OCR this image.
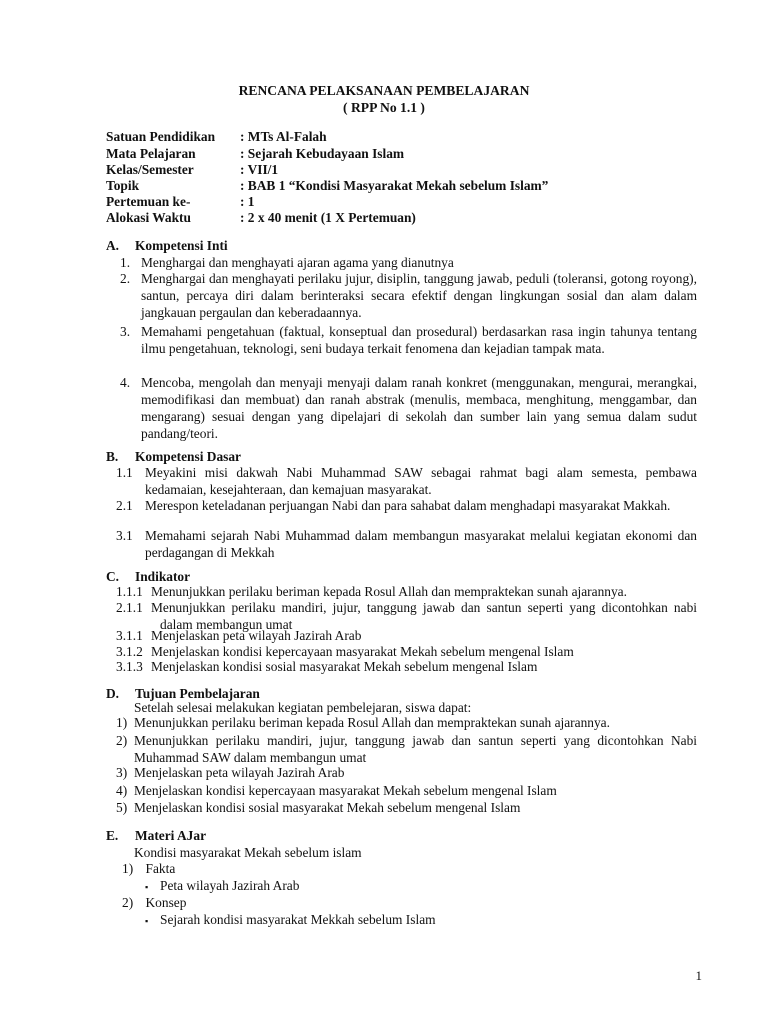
RENCANA PELAKSANAAN PEMBELAJARAN
( RPP No 1.1 )
Satuan Pendidikan : MTs Al-Falah
Mata Pelajaran	: Sejarah Kebudayaan Islam
Kelas/Semester	: VII/1
Topik	: BAB 1 “Kondisi Masyarakat Mekah sebelum Islam”
Pertemuan ke-	: 1
Alokasi Waktu	: 2 x 40 menit (1 X Pertemuan)
A. Kompetensi Inti
1. Menghargai dan menghayati ajaran agama yang dianutnya
2. Menghargai dan menghayati perilaku jujur, disiplin, tanggung jawab, peduli (toleransi, gotong royong), santun, percaya diri dalam berinteraksi secara efektif dengan lingkungan sosial dan alam dalam jangkauan pergaulan dan keberadaannya.
3. Memahami pengetahuan (faktual, konseptual dan prosedural) berdasarkan rasa ingin tahunya tentang ilmu pengetahuan, teknologi, seni budaya terkait fenomena dan kejadian tampak mata.
4. Mencoba, mengolah dan menyaji menyaji dalam ranah konkret (menggunakan, mengurai, merangkai, memodifikasi dan membuat) dan ranah abstrak (menulis, membaca, menghitung, menggambar, dan mengarang) sesuai dengan yang dipelajari di sekolah dan sumber lain yang semua dalam sudut pandang/teori.
B. Kompetensi Dasar
1.1 Meyakini misi dakwah Nabi Muhammad SAW sebagai rahmat bagi alam semesta, pembawa kedamaian, kesejahteraan, dan kemajuan masyarakat.
2.1 Merespon keteladanan perjuangan Nabi dan para sahabat dalam menghadapi masyarakat Makkah.
3.1 Memahami sejarah Nabi Muhammad dalam membangun masyarakat melalui kegiatan ekonomi dan perdagangan di Mekkah
C. Indikator
1.1.1 Menunjukkan perilaku beriman kepada Rosul Allah dan mempraktekan sunah ajarannya.
2.1.1 Menunjukkan perilaku mandiri, jujur, tanggung jawab dan santun seperti yang dicontohkan nabi dalam membangun umat
3.1.1 Menjelaskan peta wilayah Jazirah Arab
3.1.2 Menjelaskan kondisi kepercayaan masyarakat Mekah sebelum mengenal Islam
3.1.3 Menjelaskan kondisi sosial masyarakat Mekah sebelum mengenal Islam
D. Tujuan Pembelajaran
Setelah selesai melakukan kegiatan pembelejaran, siswa dapat:
1) Menunjukkan perilaku beriman kepada Rosul Allah dan mempraktekan sunah ajarannya.
2) Menunjukkan perilaku mandiri, jujur, tanggung jawab dan santun seperti yang dicontohkan Nabi Muhammad SAW dalam membangun umat
3) Menjelaskan peta wilayah Jazirah Arab
4) Menjelaskan kondisi kepercayaan masyarakat Mekah sebelum mengenal Islam
5) Menjelaskan kondisi sosial masyarakat Mekah sebelum mengenal Islam
E. Materi AJar
Kondisi masyarakat Mekah sebelum islam
1) Fakta
▪ Peta wilayah Jazirah Arab
2) Konsep
▪ Sejarah kondisi masyarakat Mekkah sebelum Islam
1
